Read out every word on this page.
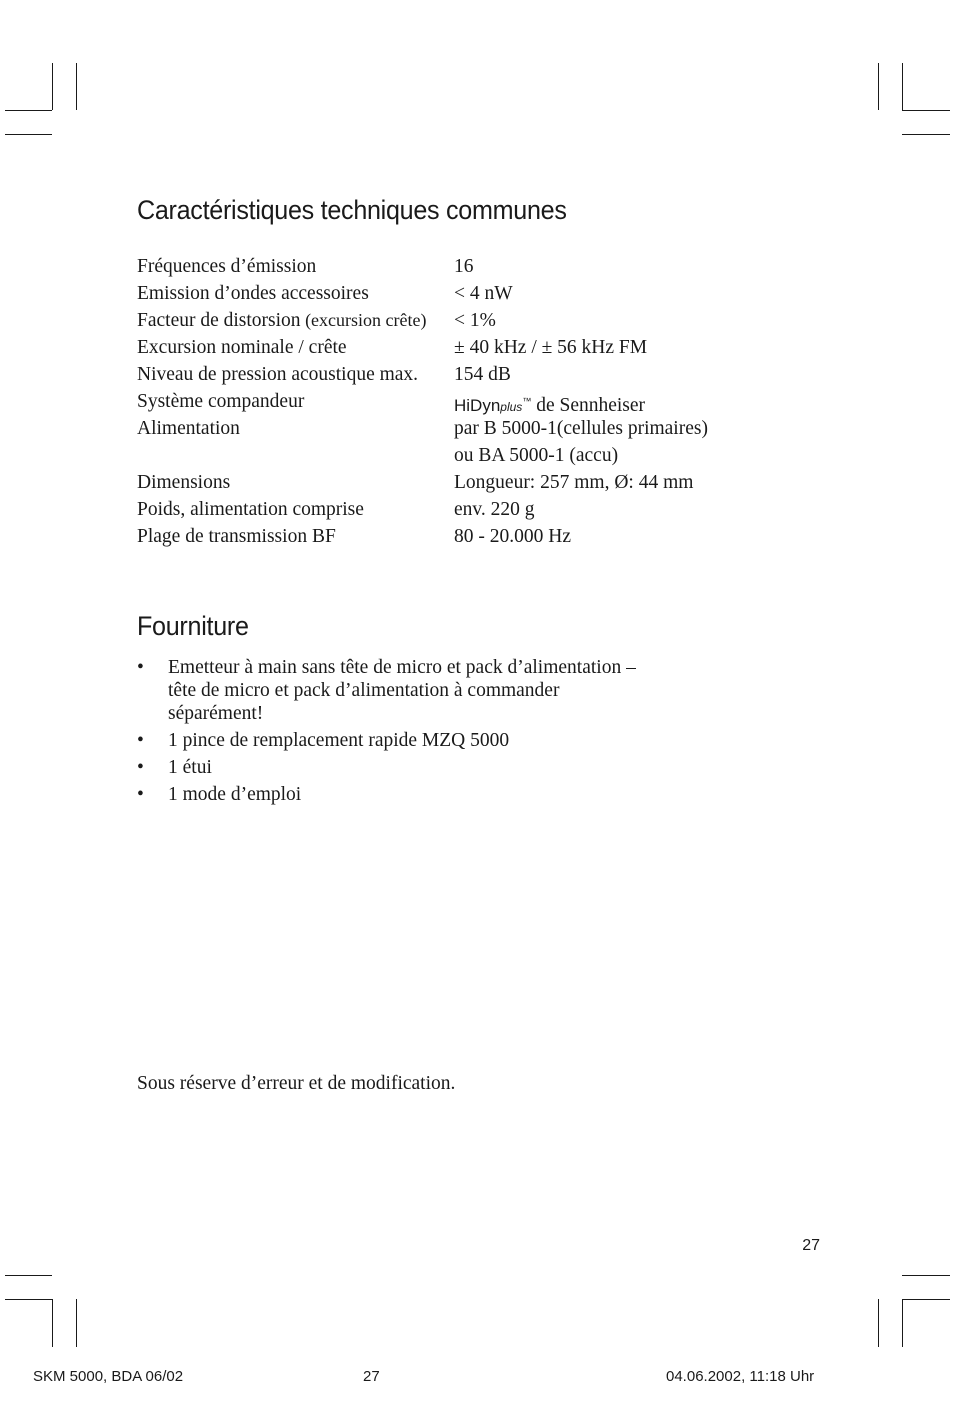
Caractéristiques techniques communes
Fréquences d’émission	16
Emission d’ondes accessoires	< 4 nW
Facteur de distorsion (excursion crête) < 1%
Excursion nominale / crête	± 40 kHz / ± 56 kHz FM
Niveau de pression acoustique max. 154 dB
Système compandeur	HiDynplus™ de Sennheiser
Alimentation	par B 5000-1(cellules primaires)
ou BA 5000-1 (accu)
Dimensions	Longueur: 257 mm, Ø: 44 mm
Poids, alimentation comprise	env. 220 g
Plage de transmission BF	80 - 20.000 Hz
Fourniture
• Emetteur à main sans tête de micro et pack d’alimentation – tête de micro et pack d’alimentation à commander séparément!
• 1 pince de remplacement rapide MZQ 5000
• 1 étui
• 1 mode d’emploi
Sous réserve d’erreur et de modification.
27
SKM 5000, BDA 06/02	27	04.06.2002, 11:18 Uhr
